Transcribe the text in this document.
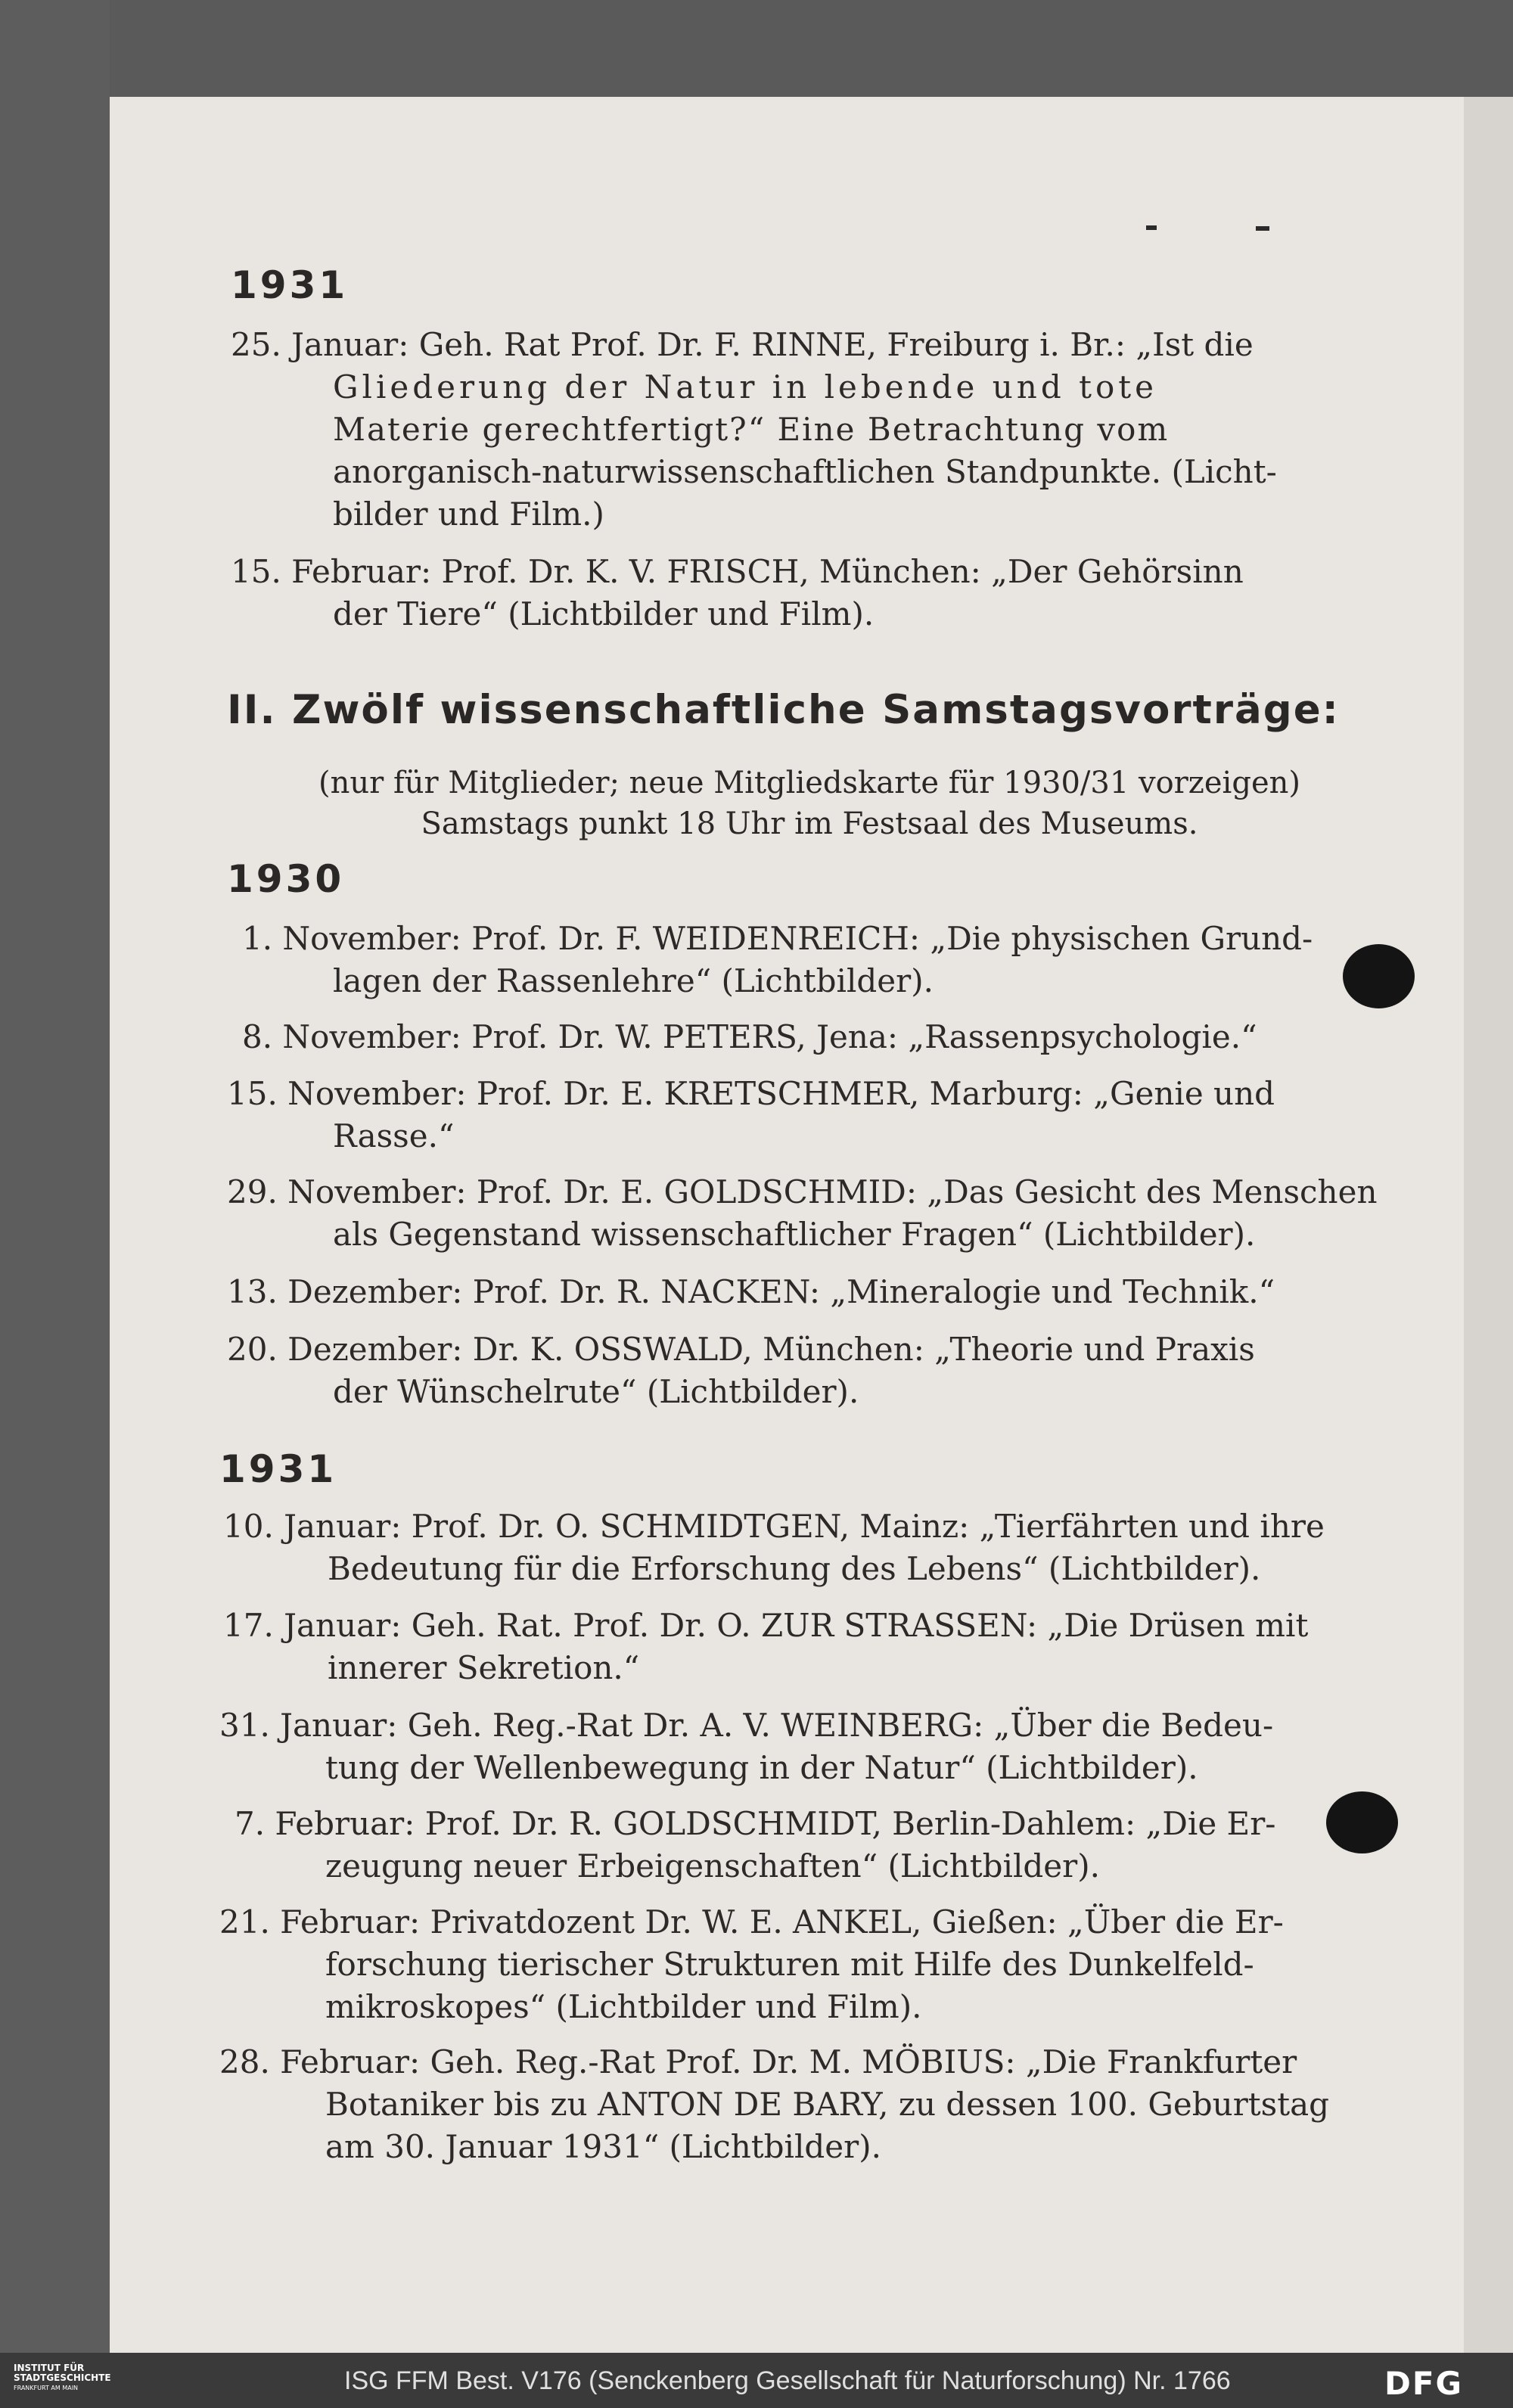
1931
25. Januar: Geh. Rat Prof. Dr. F. RINNE, Freiburg i. Br.: „Ist die
Gliederung der Natur in lebende und tote
Materie gerechtfertigt?“ Eine Betrachtung vom
anorganisch-naturwissenschaftlichen Standpunkte. (Licht-
bilder und Film.)
15. Februar: Prof. Dr. K. V. FRISCH, München: „Der Gehörsinn
der Tiere“ (Lichtbilder und Film).
II. Zwölf wissenschaftliche Samstagsvorträge:

(nur für Mitglieder; neue Mitgliedskarte für 1930/31 vorzeigen)

Samstags punkt 18 Uhr im Festsaal des Museums.

1930
1. November: Prof. Dr. F. WEIDENREICH: „Die physischen Grund-
lagen der Rassenlehre“ (Lichtbilder).
8. November: Prof. Dr. W. PETERS, Jena: „Rassenpsychologie.“
15. November: Prof. Dr. E. KRETSCHMER, Marburg: „Genie und
Rasse.“
29. November: Prof. Dr. E. GOLDSCHMID: „Das Gesicht des Menschen
als Gegenstand wissenschaftlicher Fragen“ (Lichtbilder).
13. Dezember: Prof. Dr. R. NACKEN: „Mineralogie und Technik.“
20. Dezember: Dr. K. OSSWALD, München: „Theorie und Praxis
der Wünschelrute“ (Lichtbilder).
1931
10. Januar: Prof. Dr. O. SCHMIDTGEN, Mainz: „Tierfährten und ihre
Bedeutung für die Erforschung des Lebens“ (Lichtbilder).
17. Januar: Geh. Rat. Prof. Dr. O. ZUR STRASSEN: „Die Drüsen mit
innerer Sekretion.“
31. Januar: Geh. Reg.-Rat Dr. A. V. WEINBERG: „Über die Bedeu-
tung der Wellenbewegung in der Natur“ (Lichtbilder).
7. Februar: Prof. Dr. R. GOLDSCHMIDT, Berlin-Dahlem: „Die Er-
zeugung neuer Erbeigenschaften“ (Lichtbilder).
21. Februar: Privatdozent Dr. W. E. ANKEL, Gießen: „Über die Er-
forschung tierischer Strukturen mit Hilfe des Dunkelfeld-
mikroskopes“ (Lichtbilder und Film).
28. Februar: Geh. Reg.-Rat Prof. Dr. M. MÖBIUS: „Die Frankfurter
Botaniker bis zu ANTON DE BARY, zu dessen 100. Geburtstag
am 30. Januar 1931“ (Lichtbilder).
INSTITUT FÜR
STADTGESCHICHTE
FRANKFURT AM MAIN	ISG FFM Best. V176 (Senckenberg Gesellschaft für Naturforschung) Nr. 1766	DFG
